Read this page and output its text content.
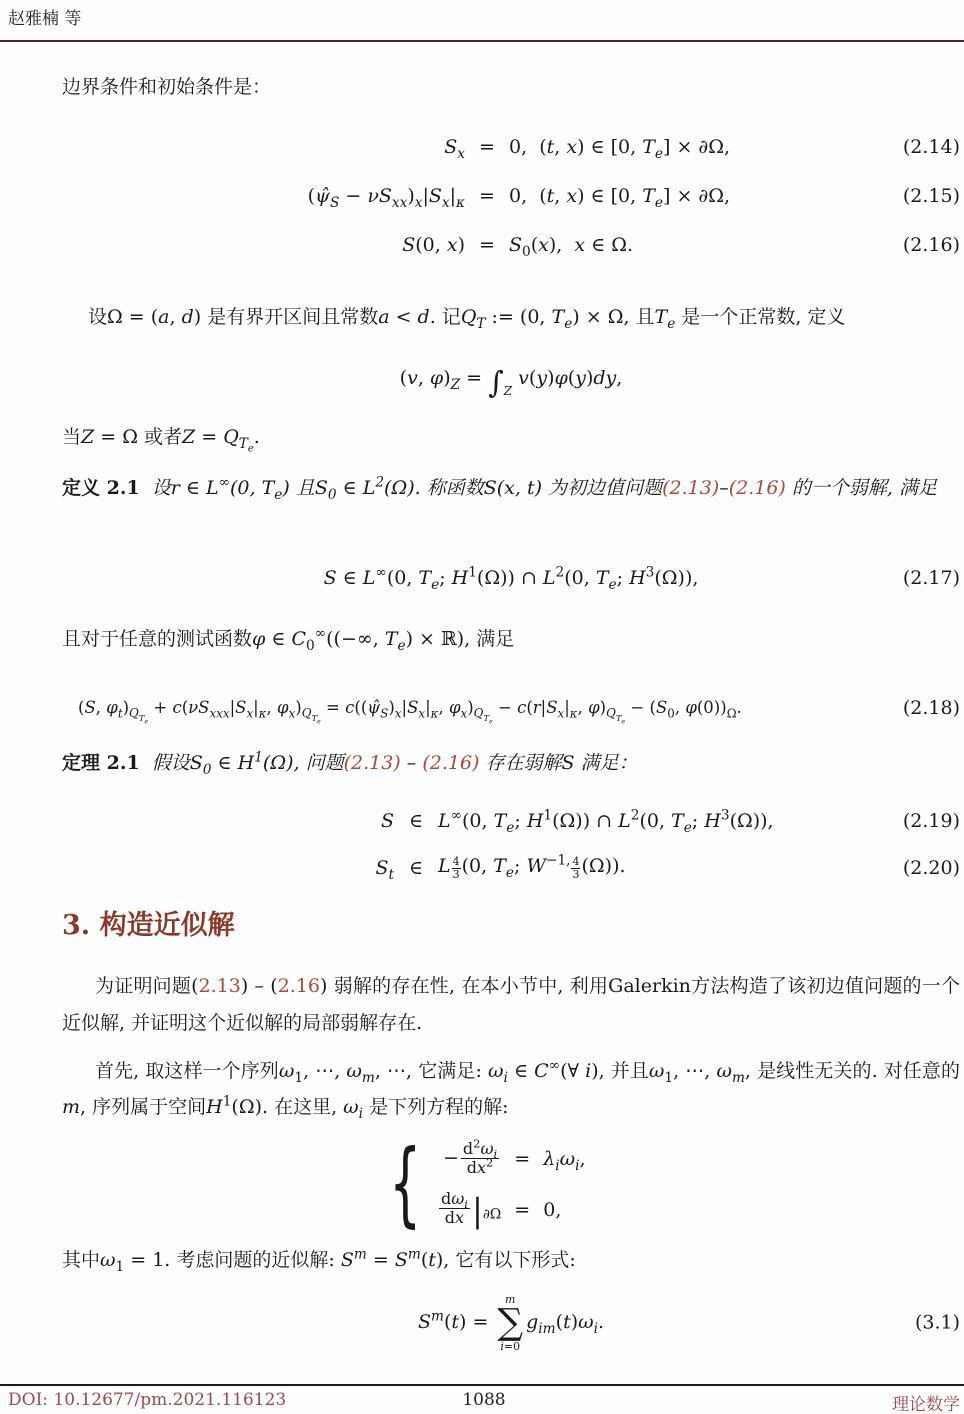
赵雅楠 等

边界条件和初始条件是：

$S_x = 0$,  (t, x) ∈ [0, $T_e] \times \partial\Omega$,	(2.14)
$(\psî_S - \nu S_{xx})_x|S_x|_\kappa = 0$,  (t, x) ∈ [0, $T_e] \times \partial\Omega$,	(2.15)
S(0, $x) = S_0(x)$,  x ∈ Ω.	(2.16)

设Ω = (a, d) 是有界开区间且常数a < d. 记$Q_T$ := (0, $T_e) \times \Omega$, 且$T_e$ 是一个正常数, 定义

(v, $\varphi)_Z = \int_Z$ v(y)φ(y)dy,

当Z = Ω 或者$Z = Q_{T_e}$.

定义 2.1 设r ∈ L∞(0, $T_e$) 且$S_0$ ∈ $L^2(\Omega)$. 称函数S(x, t) 为初边值问题(2.13)–(2.16) 的一个弱解, 满足

S ∈ L∞(0, $T_e$; $H^1(\Omega)$) ∩ $L^2(0$, $T_e$; $H^3(\Omega)$),	(2.17)

且对于任意的测试函数φ ∈ $C_0^\infty((-\infty$, $T_e$) × ℝ), 满足

(S, $\varphi_t)_{Q_{T_e}} + c(\nu S_{xxx}|S_x|_\kappa$, $\varphi_x)_{Q_{T_e}}$ = $c((\psî_S)_x|S_x|_\kappa$, $\varphi_x)_{Q_{T_e}} - c(r|S_x|_\kappa$, $\varphi)_{Q_{T_e}} - (S_0$, $\varphi(0))_\Omega$.	(2.18)

定理 2.1 假设$S_0$ ∈ $H^1(\Omega)$, 问题(2.13) – (2.16) 存在弱解S 满足：

S ∈ L∞(0, $T_e$; $H^1(\Omega)$) ∩ $L^2(0$, $T_e$; $H^3(\Omega)$),	(2.19)
$S_t$ ∈ L $\frac{4}{3} (0$, $T_e$; $W^{-1,} \frac{4}{3} (\Omega)$).	(2.20)
3. 构造近似解

为证明问题(2.13) – (2.16) 弱解的存在性, 在本小节中, 利用Galerkin方法构造了该初边值问题的一个近似解, 并证明这个近似解的局部弱解存在.

首先, 取这样一个序列$\omega_1$, ⋯, $\omega_m$, ⋯, 它满足: $\omega_i$ ∈ C∞(∀ i), 并且$\omega_1$, ⋯, $\omega_m$, 是线性无关的. 对任意的m, 序列属于空间$H^1(\Omega)$. 在这里, $\omega_i$ 是下列方程的解:

{	− $\frac{d^2\omega_i}{dx^2} = \lambda_i\omega_i$,
$d\omega_i$
dx $|_{\partial\Omega} = 0$,

其中$\omega_1 = 1$. 考虑问题的近似解: $S^m = S^m(t)$, 它有以下形式:

$S^m(t)$ =
m
∑
i=0
$g_{im}(t)\omega_i$.	(3.1)
DOI: 10.12677/pm.2021.116123	1088	理论数学
